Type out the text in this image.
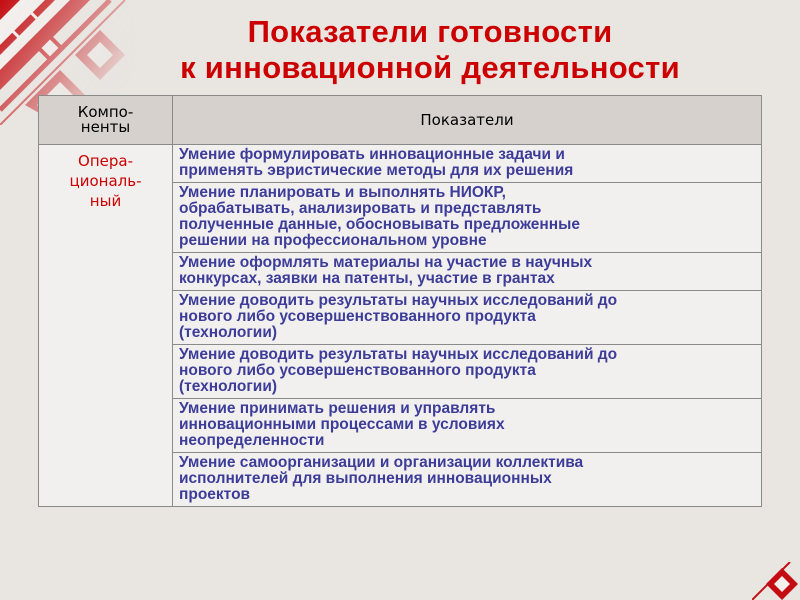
Показатели готовности
к инновационной деятельности
Компо-
ненты	Показатели

Опера-
циональ-
ный	Умение формулировать инновационные задачи и
применять эвристические методы для их решения

	Умение планировать и выполнять НИОКР,
обрабатывать, анализировать и представлять
полученные данные, обосновывать предложенные
решении на профессиональном уровне

	Умение оформлять материалы на участие в научных
конкурсах, заявки на патенты, участие в грантах

	Умение доводить результаты научных исследований до
нового либо усовершенствованного продукта
(технологии)

	Умение доводить результаты научных исследований до
нового либо усовершенствованного продукта
(технологии)

	Умение принимать решения и управлять
инновационными процессами в условиях
неопределенности

	Умение самоорганизации и организации коллектива
исполнителей для выполнения инновационных
проектов
